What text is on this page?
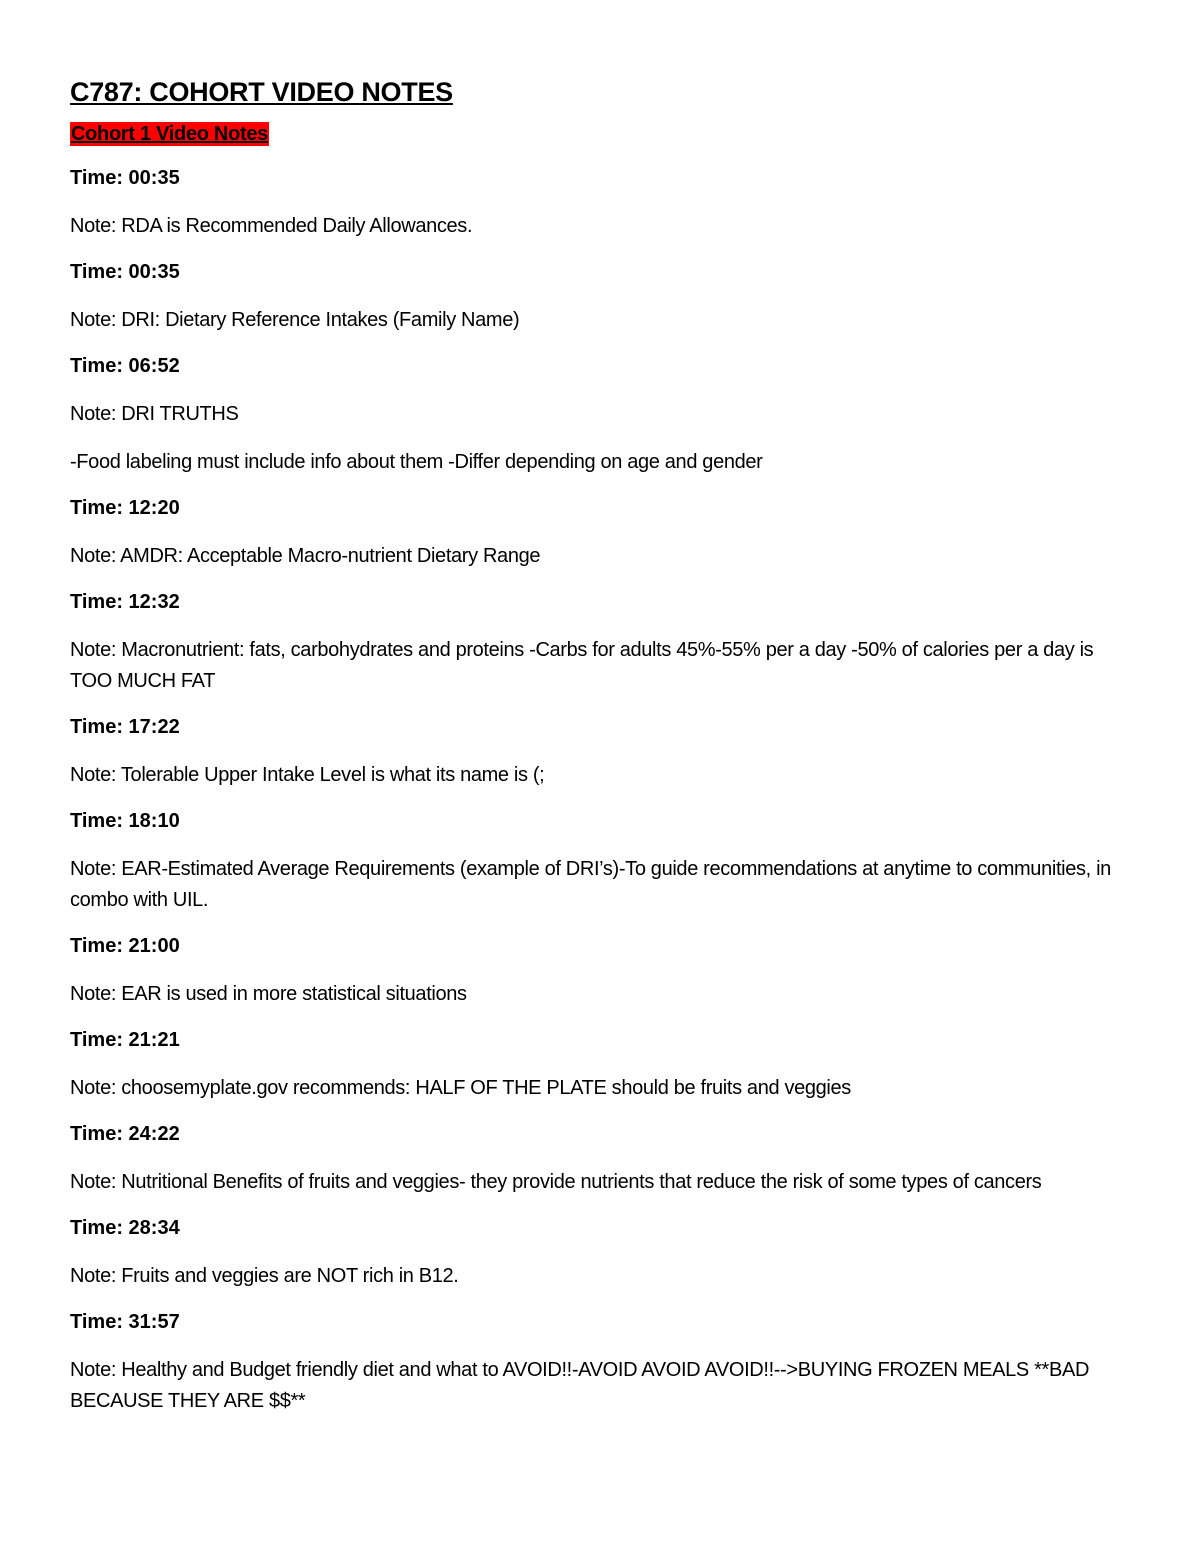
C787: COHORT VIDEO NOTES
Cohort 1 Video Notes
Time: 00:35
Note: RDA is Recommended Daily Allowances.
Time: 00:35
Note: DRI: Dietary Reference Intakes (Family Name)
Time: 06:52
Note: DRI TRUTHS
-Food labeling must include info about them -Differ depending on age and gender
Time: 12:20
Note: AMDR: Acceptable Macro-nutrient Dietary Range
Time: 12:32
Note: Macronutrient: fats, carbohydrates and proteins -Carbs for adults 45%-55% per a day -50% of calories per a day is TOO MUCH FAT
Time: 17:22
Note: Tolerable Upper Intake Level is what its name is (;
Time: 18:10
Note: EAR-Estimated Average Requirements (example of DRI’s)-To guide recommendations at anytime to communities, in combo with UIL.
Time: 21:00
Note: EAR is used in more statistical situations
Time: 21:21
Note: choosemyplate.gov recommends: HALF OF THE PLATE should be fruits and veggies
Time: 24:22
Note: Nutritional Benefits of fruits and veggies- they provide nutrients that reduce the risk of some types of cancers
Time: 28:34
Note: Fruits and veggies are NOT rich in B12.
Time: 31:57
Note: Healthy and Budget friendly diet and what to AVOID!!-AVOID AVOID AVOID!!-->BUYING FROZEN MEALS **BAD BECAUSE THEY ARE $$**
